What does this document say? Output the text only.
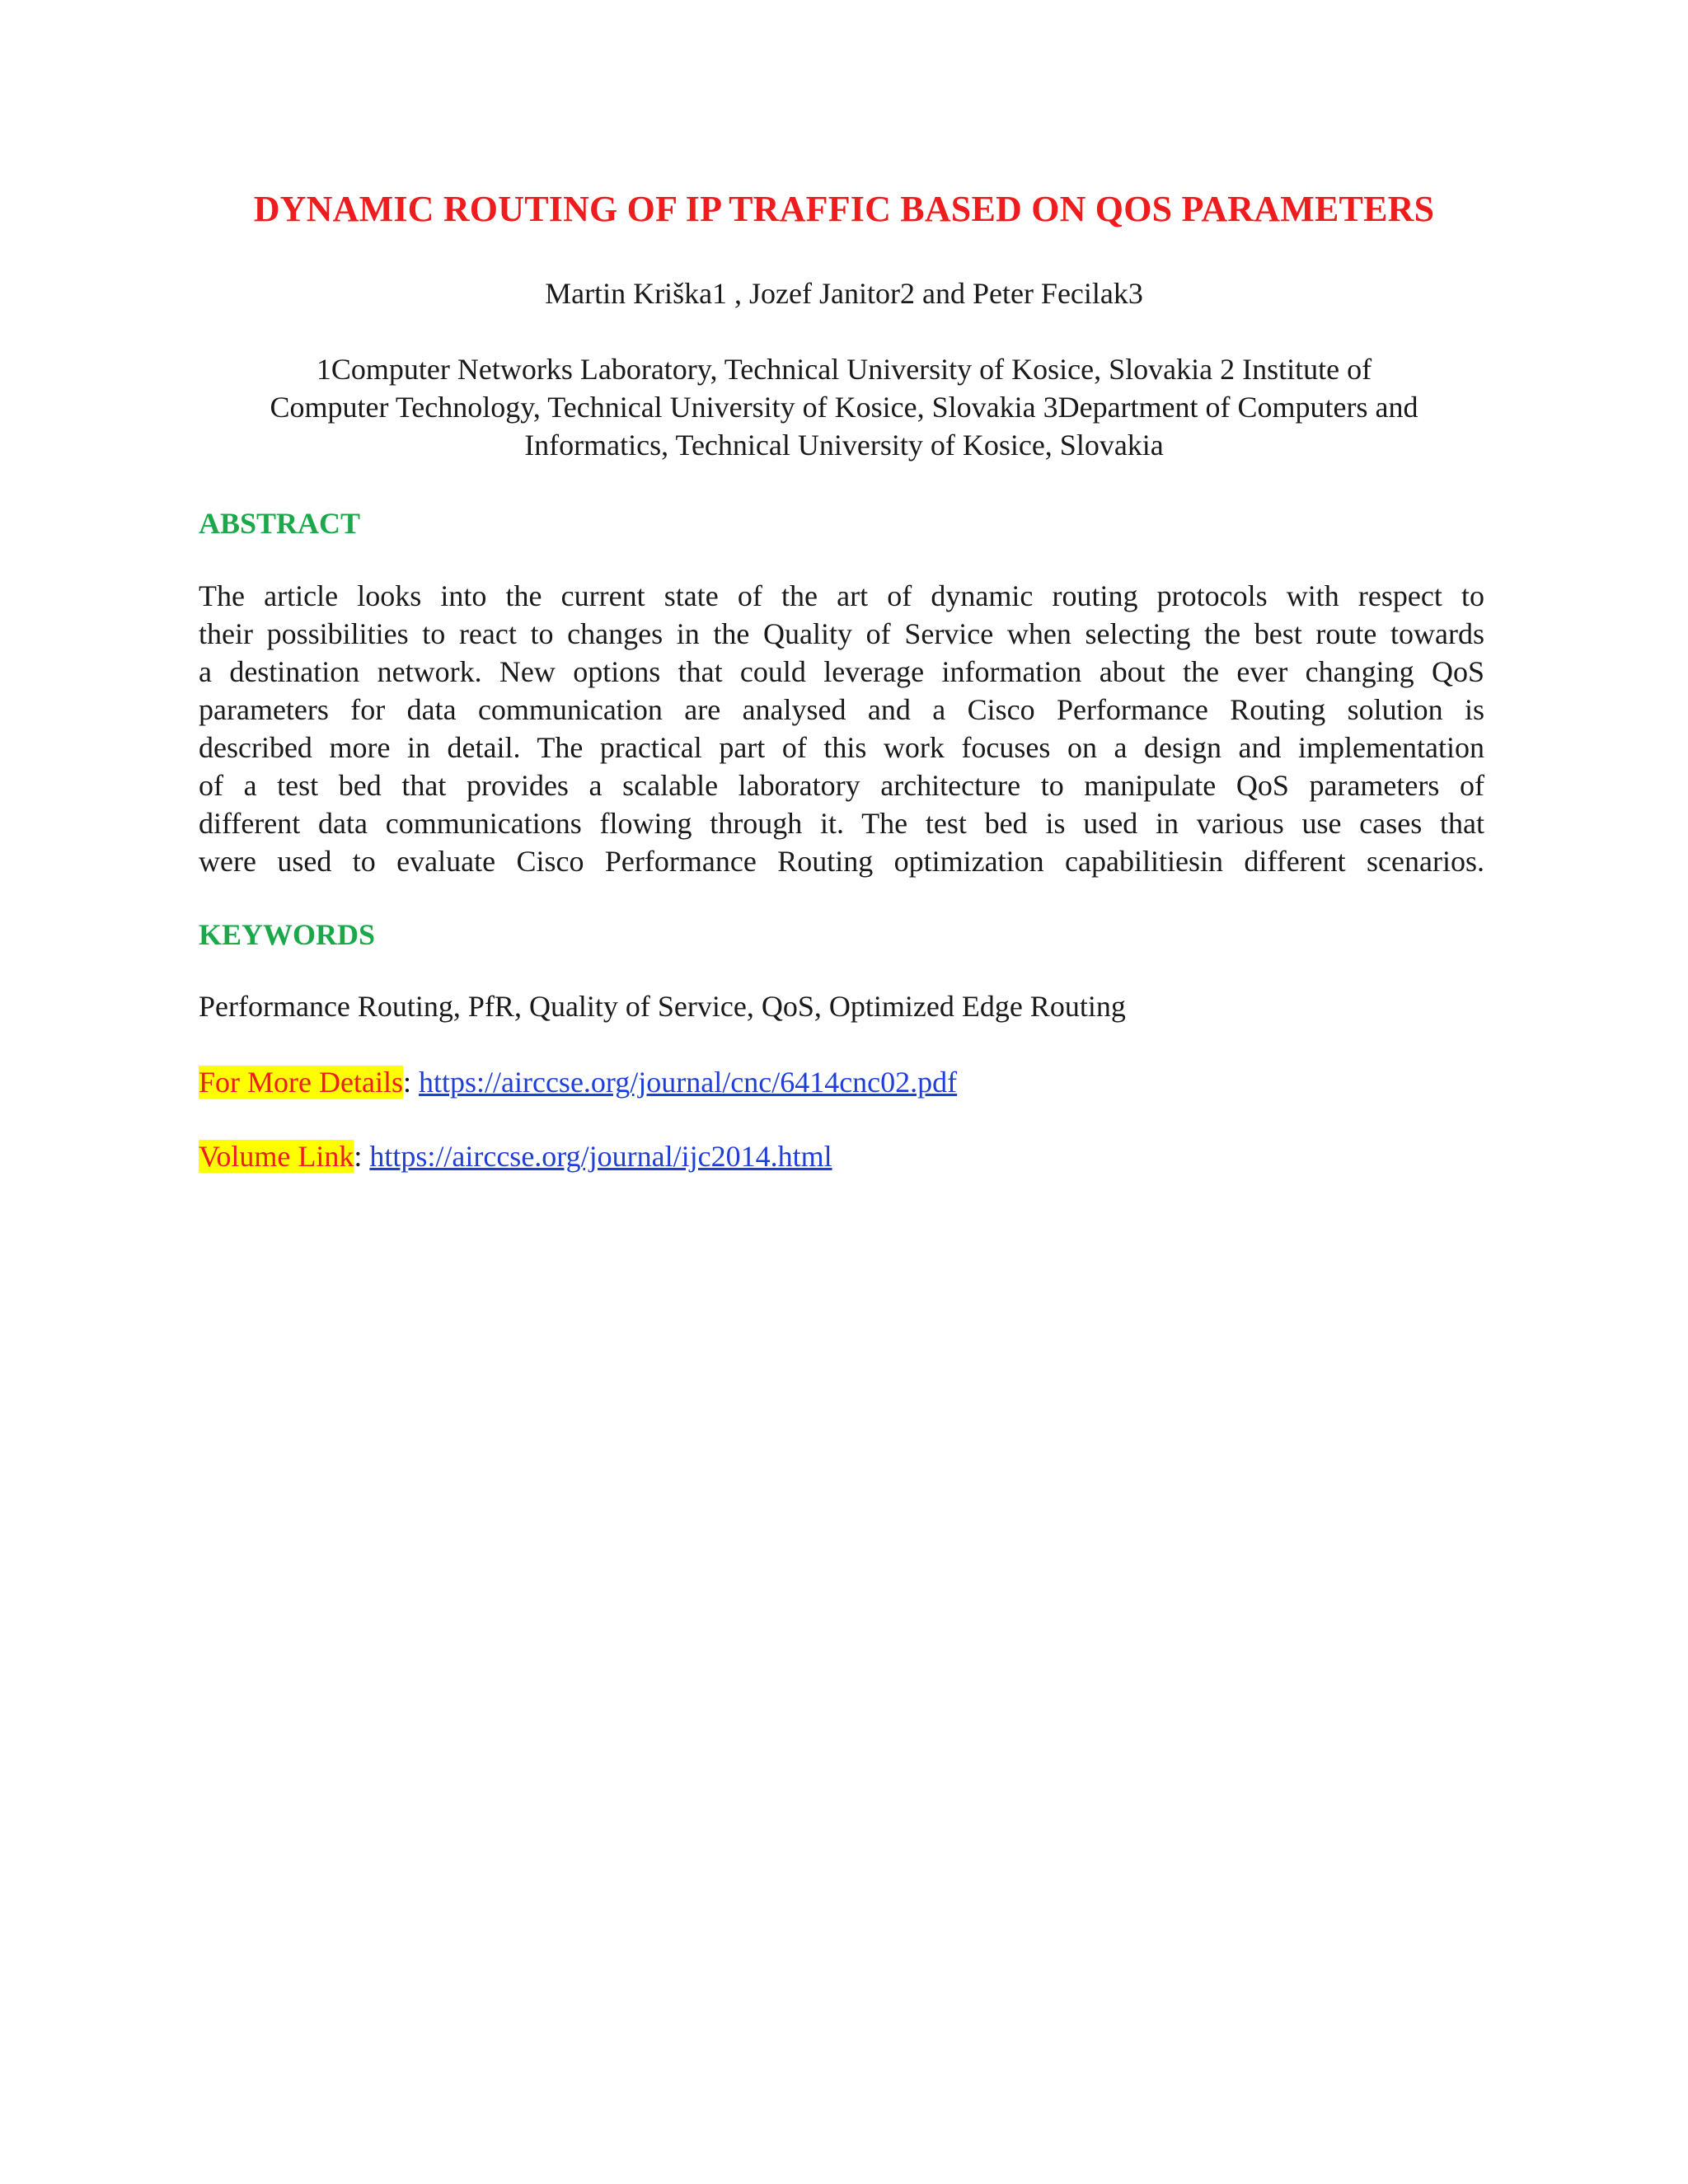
DYNAMIC ROUTING OF IP TRAFFIC BASED ON QOS PARAMETERS
Martin Kriška1 , Jozef Janitor2 and Peter Fecilak3
1Computer Networks Laboratory, Technical University of Kosice, Slovakia 2 Institute of
Computer Technology, Technical University of Kosice, Slovakia 3Department of Computers and
Informatics, Technical University of Kosice, Slovakia
ABSTRACT
The article looks into the current state of the art of dynamic routing protocols with respect to
their possibilities to react to changes in the Quality of Service when selecting the best route towards
a destination network. New options that could leverage information about the ever changing QoS
parameters for data communication are analysed and a Cisco Performance Routing solution is
described more in detail. The practical part of this work focuses on a design and implementation
of a test bed that provides a scalable laboratory architecture to manipulate QoS parameters of
different data communications flowing through it. The test bed is used in various use cases that
were used to evaluate Cisco Performance Routing optimization capabilitiesin different scenarios.
KEYWORDS
Performance Routing, PfR, Quality of Service, QoS, Optimized Edge Routing
For More Details: https://airccse.org/journal/cnc/6414cnc02.pdf
Volume Link: https://airccse.org/journal/ijc2014.html
